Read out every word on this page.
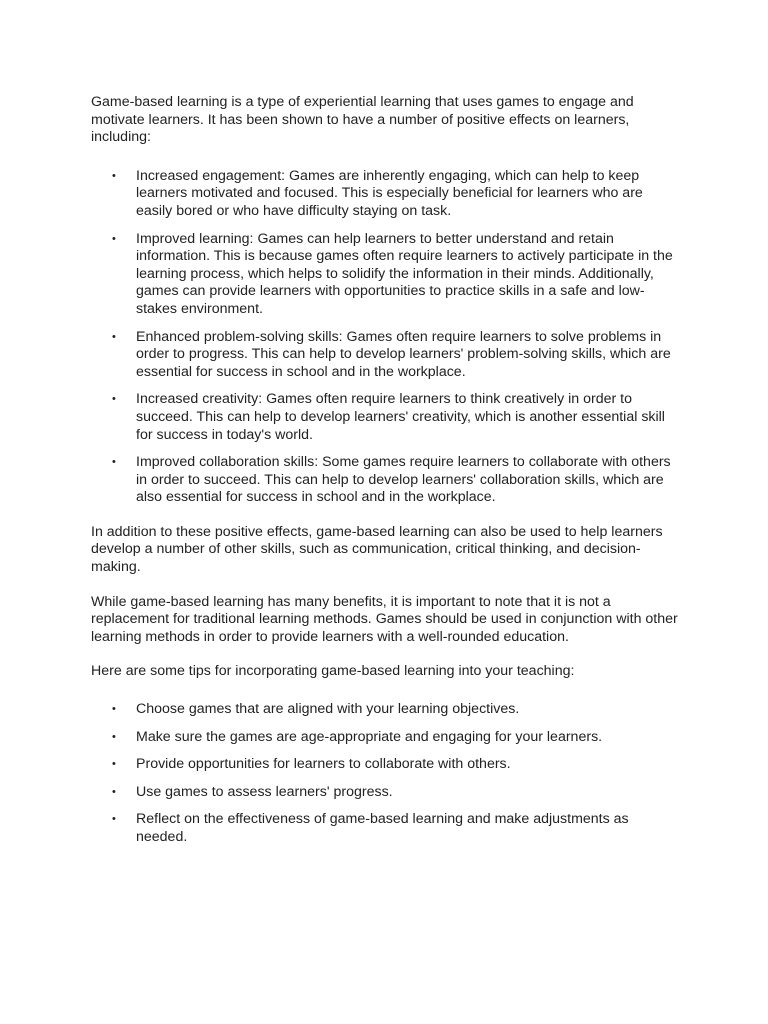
Game-based learning is a type of experiential learning that uses games to engage and motivate learners. It has been shown to have a number of positive effects on learners, including:

• Increased engagement: Games are inherently engaging, which can help to keep learners motivated and focused. This is especially beneficial for learners who are easily bored or who have difficulty staying on task.
• Improved learning: Games can help learners to better understand and retain information. This is because games often require learners to actively participate in the learning process, which helps to solidify the information in their minds. Additionally, games can provide learners with opportunities to practice skills in a safe and low-stakes environment.
• Enhanced problem-solving skills: Games often require learners to solve problems in order to progress. This can help to develop learners' problem-solving skills, which are essential for success in school and in the workplace.
• Increased creativity: Games often require learners to think creatively in order to succeed. This can help to develop learners' creativity, which is another essential skill for success in today's world.
• Improved collaboration skills: Some games require learners to collaborate with others in order to succeed. This can help to develop learners' collaboration skills, which are also essential for success in school and in the workplace.

In addition to these positive effects, game-based learning can also be used to help learners develop a number of other skills, such as communication, critical thinking, and decision-making.

While game-based learning has many benefits, it is important to note that it is not a replacement for traditional learning methods. Games should be used in conjunction with other learning methods in order to provide learners with a well-rounded education.

Here are some tips for incorporating game-based learning into your teaching:

• Choose games that are aligned with your learning objectives.
• Make sure the games are age-appropriate and engaging for your learners.
• Provide opportunities for learners to collaborate with others.
• Use games to assess learners' progress.
• Reflect on the effectiveness of game-based learning and make adjustments as needed.
